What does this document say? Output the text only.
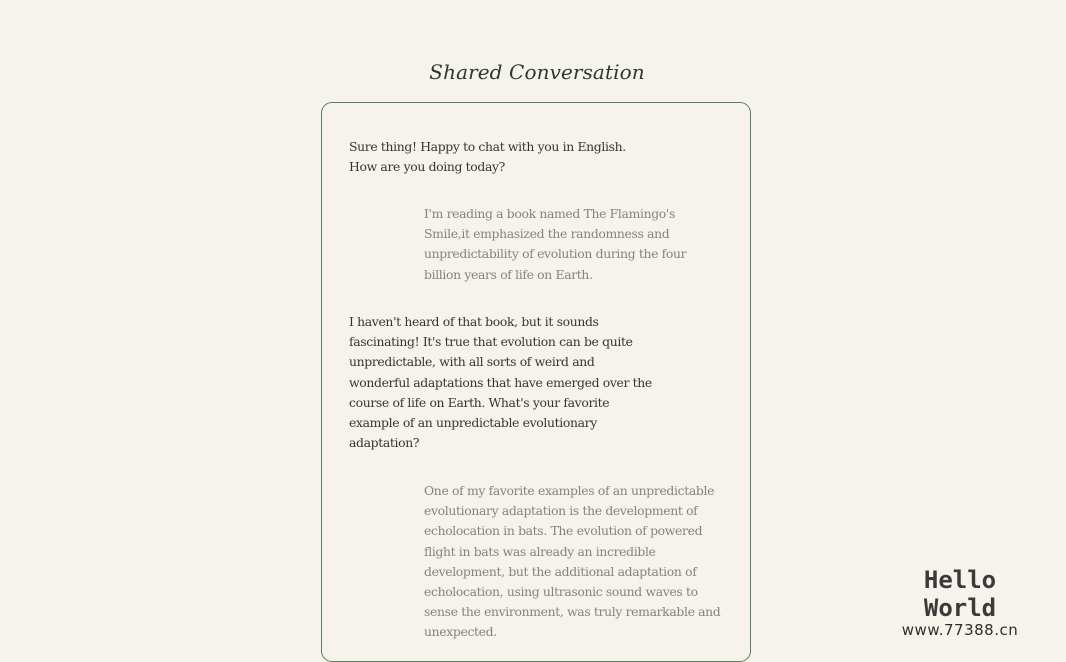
Shared Conversation
Sure thing! Happy to chat with you in English. How are you doing today?
I'm reading a book named The Flamingo's Smile,it emphasized the randomness and unpredictability of evolution during the four billion years of life on Earth.
I haven't heard of that book, but it sounds fascinating! It's true that evolution can be quite unpredictable, with all sorts of weird and wonderful adaptations that have emerged over the course of life on Earth. What's your favorite example of an unpredictable evolutionary adaptation?
One of my favorite examples of an unpredictable evolutionary adaptation is the development of echolocation in bats. The evolution of powered flight in bats was already an incredible development, but the additional adaptation of echolocation, using ultrasonic sound waves to sense the environment, was truly remarkable and unexpected.
Hello World
www.77388.cn
